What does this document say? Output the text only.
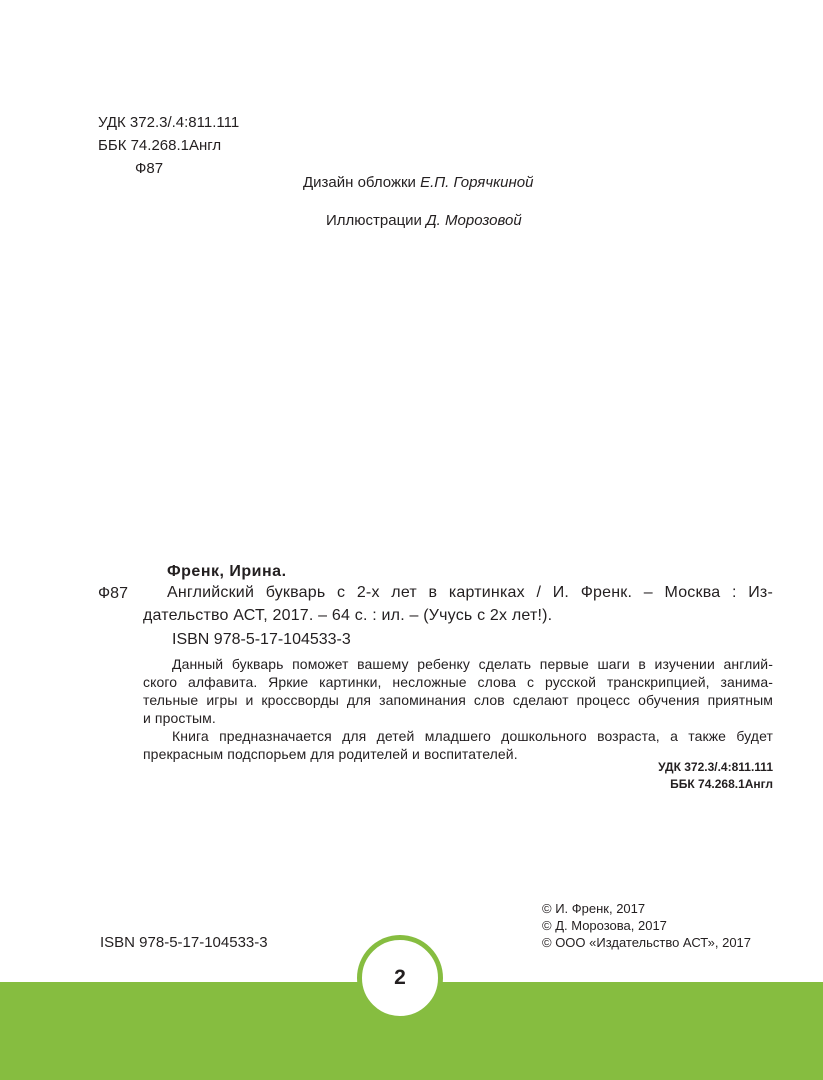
УДК 372.3/.4:811.111
ББК 74.268.1Англ
Ф87
Дизайн обложки Е.П. Горячкиной
Иллюстрации Д. Морозовой
Френк, Ирина.
Ф87 Английский букварь с 2-х лет в картинках / И. Френк. – Москва : Из-
дательство АСТ, 2017. – 64 с. : ил. – (Учусь с 2х лет!).
ISBN 978-5-17-104533-3
Данный букварь поможет вашему ребенку сделать первые шаги в изучении англий-
ского алфавита. Яркие картинки, несложные слова с русской транскрипцией, занима-
тельные игры и кроссворды для запоминания слов сделают процесс обучения приятным
и простым.
Книга предназначается для детей младшего дошкольного возраста, а также будет
прекрасным подспорьем для родителей и воспитателей.
УДК 372.3/.4:811.111
ББК 74.268.1Англ
© И. Френк, 2017
© Д. Морозова, 2017
© ООО «Издательство АСТ», 2017
ISBN 978-5-17-104533-3
2
